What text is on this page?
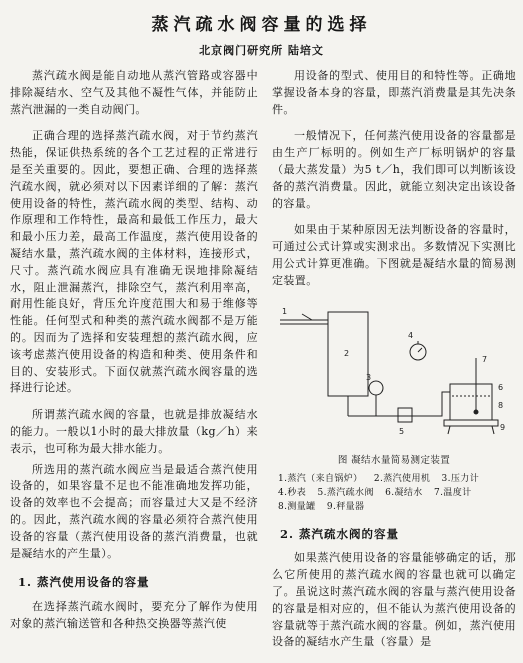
蒸汽疏水阀容量的选择
北京阀门研究所 陆培文

蒸汽疏水阀是能自动地从蒸汽管路或容器中排除凝结水、空气及其他不凝性气体，并能防止蒸汽泄漏的一类自动阀门。

正确合理的选择蒸汽疏水阀，对于节约蒸汽热能，保证供热系统的各个工艺过程的正常进行是至关重要的。因此，要想正确、合理的选择蒸汽疏水阀，就必须对以下因素详细的了解：蒸汽使用设备的特性，蒸汽疏水阀的类型、结构、动作原理和工作特性，最高和最低工作压力，最大和最小压力差，最高工作温度，蒸汽使用设备的凝结水量，蒸汽疏水阀的主体材料，连接形式，尺寸。蒸汽疏水阀应具有准确无误地排除凝结水，阻止泄漏蒸汽，排除空气，蒸汽利用率高，耐用性能良好，背压允许度范围大和易于维修等性能。任何型式和种类的蒸汽疏水阀都不是万能的。因而为了选择和安装理想的蒸汽疏水阀，应该考虑蒸汽使用设备的构造和种类、使用条件和目的、安装形式。下面仅就蒸汽疏水阀容量的选择进行论述。

所谓蒸汽疏水阀的容量，也就是排放凝结水的能力。一般以1小时的最大排放量（kg／h）来表示，也可称为最大排水能力。

所选用的蒸汽疏水阀应当是最适合蒸汽使用设备的，如果容量不足也不能准确地发挥功能，设备的效率也不会提高；而容量过大又是不经济的。因此，蒸汽疏水阀的容量必须符合蒸汽使用设备的容量（蒸汽使用设备的蒸汽消费量，也就是凝结水的产生量）。

1. 蒸汽使用设备的容量

在选择蒸汽疏水阀时，要充分了解作为使用对象的蒸汽输送管和各种热交换器等蒸汽使

用设备的型式、使用目的和特性等。正确地掌握设备本身的容量，即蒸汽消费量是其先决条件。

一般情况下，任何蒸汽使用设备的容量都是由生产厂标明的。例如生产厂标明锅炉的容量（最大蒸发量）为5 t／h，我们即可以判断该设备的蒸汽消费量。因此，就能立刻决定出该设备的容量。

如果由于某种原因无法判断设备的容量时，可通过公式计算或实测求出。多数情况下实测比用公式计算更准确。下图就是凝结水量的简易测定装置。

1
2
3
4
5
6
7
8
9
图 凝结水量简易测定装置
1.蒸汽（来自锅炉） 2.蒸汽使用机 3.压力计
4.秒表 5.蒸汽疏水阀 6.凝结水 7.温度计
8.测量罐 9.秤量器
2. 蒸汽疏水阀的容量

如果蒸汽使用设备的容量能够确定的话，那么它所使用的蒸汽疏水阀的容量也就可以确定了。虽说这时蒸汽疏水阀的容量与蒸汽使用设备的容量是相对应的，但不能认为蒸汽使用设备的容量就等于蒸汽疏水阀的容量。例如，蒸汽使用设备的凝结水产生量（容量）是
